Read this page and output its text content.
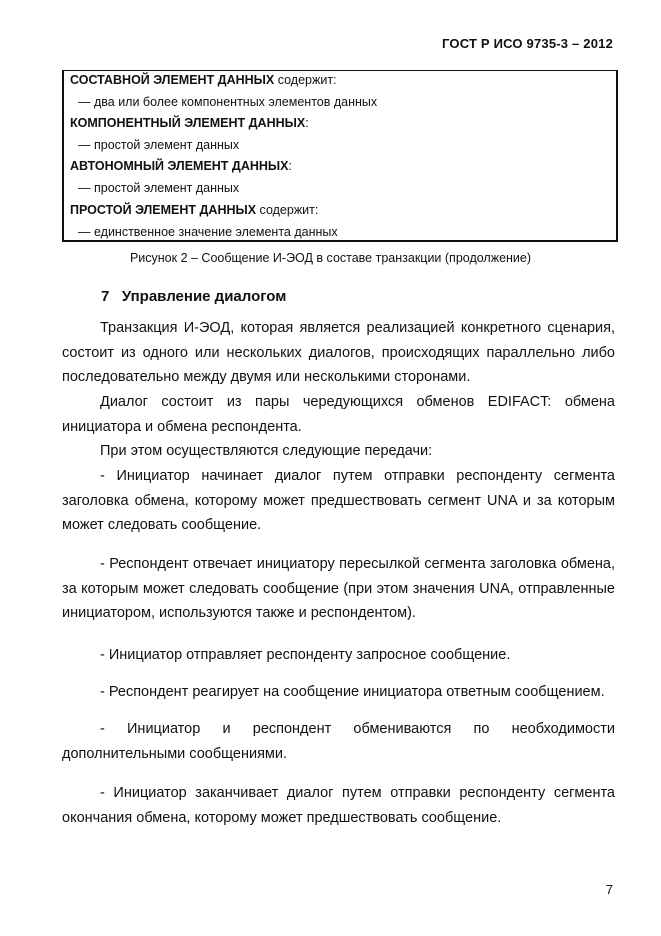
ГОСТ Р ИСО 9735-3 – 2012
СОСТАВНОЙ ЭЛЕМЕНТ ДАННЫХ содержит:
— два или более компонентных элементов данных
КОМПОНЕНТНЫЙ ЭЛЕМЕНТ ДАННЫХ:
— простой элемент данных
АВТОНОМНЫЙ ЭЛЕМЕНТ ДАННЫХ:
— простой элемент данных
ПРОСТОЙ ЭЛЕМЕНТ ДАННЫХ содержит:
— единственное значение элемента данных
Рисунок 2 – Сообщение И-ЭОД в составе транзакции (продолжение)
7 Управление диалогом

Транзакция И-ЭОД, которая является реализацией конкретного сценария, состоит из одного или нескольких диалогов, происходящих параллельно либо последовательно между двумя или несколькими сторонами.

Диалог состоит из пары чередующихся обменов EDIFACT: обмена инициатора и обмена респондента.

При этом осуществляются следующие передачи:

- Инициатор начинает диалог путем отправки респонденту сегмента заголовка обмена, которому может предшествовать сегмент UNA и за которым может следовать сообщение.

- Респондент отвечает инициатору пересылкой сегмента заголовка обмена, за которым может следовать сообщение (при этом значения UNA, отправленные инициатором, используются также и респондентом).

- Инициатор отправляет респонденту запросное сообщение.

- Респондент реагирует на сообщение инициатора ответным сообщением.

- Инициатор и респондент обмениваются по необходимости дополнительными сообщениями.

- Инициатор заканчивает диалог путем отправки респонденту сегмента окончания обмена, которому может предшествовать сообщение.

7
